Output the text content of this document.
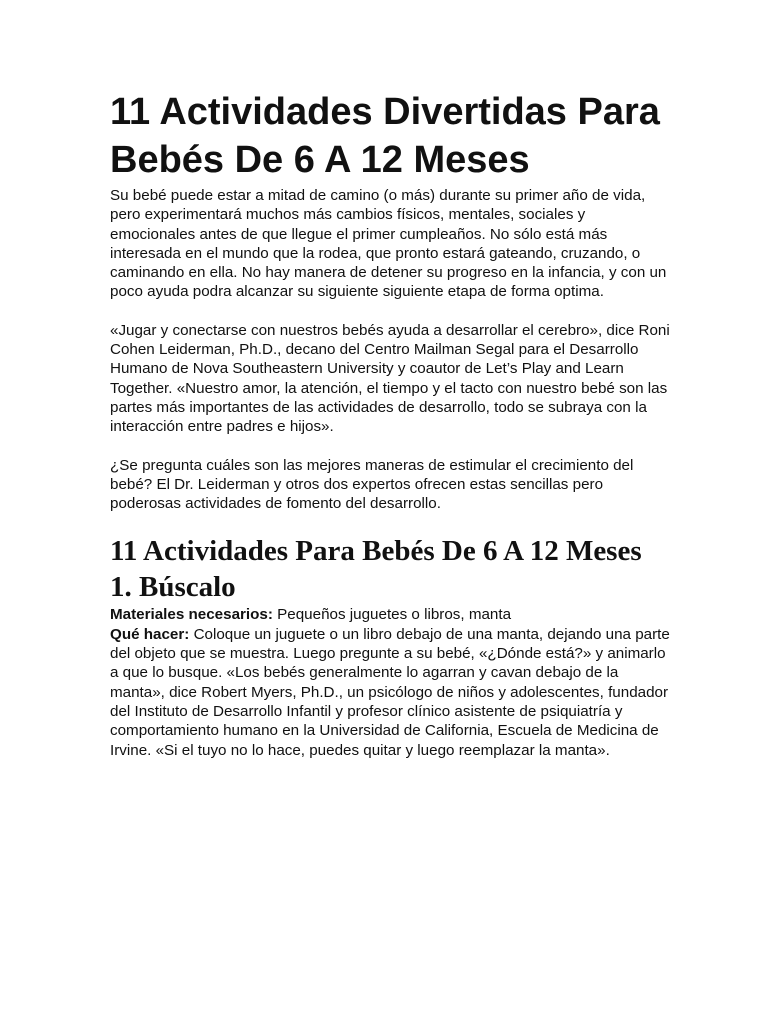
11 Actividades Divertidas Para Bebés De 6 A 12 Meses

Su bebé puede estar a mitad de camino (o más) durante su primer año de vida, pero experimentará muchos más cambios físicos, mentales, sociales y emocionales antes de que llegue el primer cumpleaños. No sólo está más interesada en el mundo que la rodea, que pronto estará gateando, cruzando, o caminando en ella. No hay manera de detener su progreso en la infancia, y con un poco ayuda podra alcanzar su siguiente siguiente etapa de forma optima.

«Jugar y conectarse con nuestros bebés ayuda a desarrollar el cerebro», dice Roni Cohen Leiderman, Ph.D., decano del Centro Mailman Segal para el Desarrollo Humano de Nova Southeastern University y coautor de Let’s Play and Learn Together. «Nuestro amor, la atención, el tiempo y el tacto con nuestro bebé son las partes más importantes de las actividades de desarrollo, todo se subraya con la interacción entre padres e hijos».

¿Se pregunta cuáles son las mejores maneras de estimular el crecimiento del bebé? El Dr. Leiderman y otros dos expertos ofrecen estas sencillas pero poderosas actividades de fomento del desarrollo.

11 Actividades Para Bebés De 6 A 12 Meses
1. Búscalo

Materiales necesarios: Pequeños juguetes o libros, manta

Qué hacer: Coloque un juguete o un libro debajo de una manta, dejando una parte del objeto que se muestra. Luego pregunte a su bebé, «¿Dónde está?» y animarlo a que lo busque. «Los bebés generalmente lo agarran y cavan debajo de la manta», dice Robert Myers, Ph.D., un psicólogo de niños y adolescentes, fundador del Instituto de Desarrollo Infantil y profesor clínico asistente de psiquiatría y comportamiento humano en la Universidad de California, Escuela de Medicina de Irvine. «Si el tuyo no lo hace, puedes quitar y luego reemplazar la manta».
